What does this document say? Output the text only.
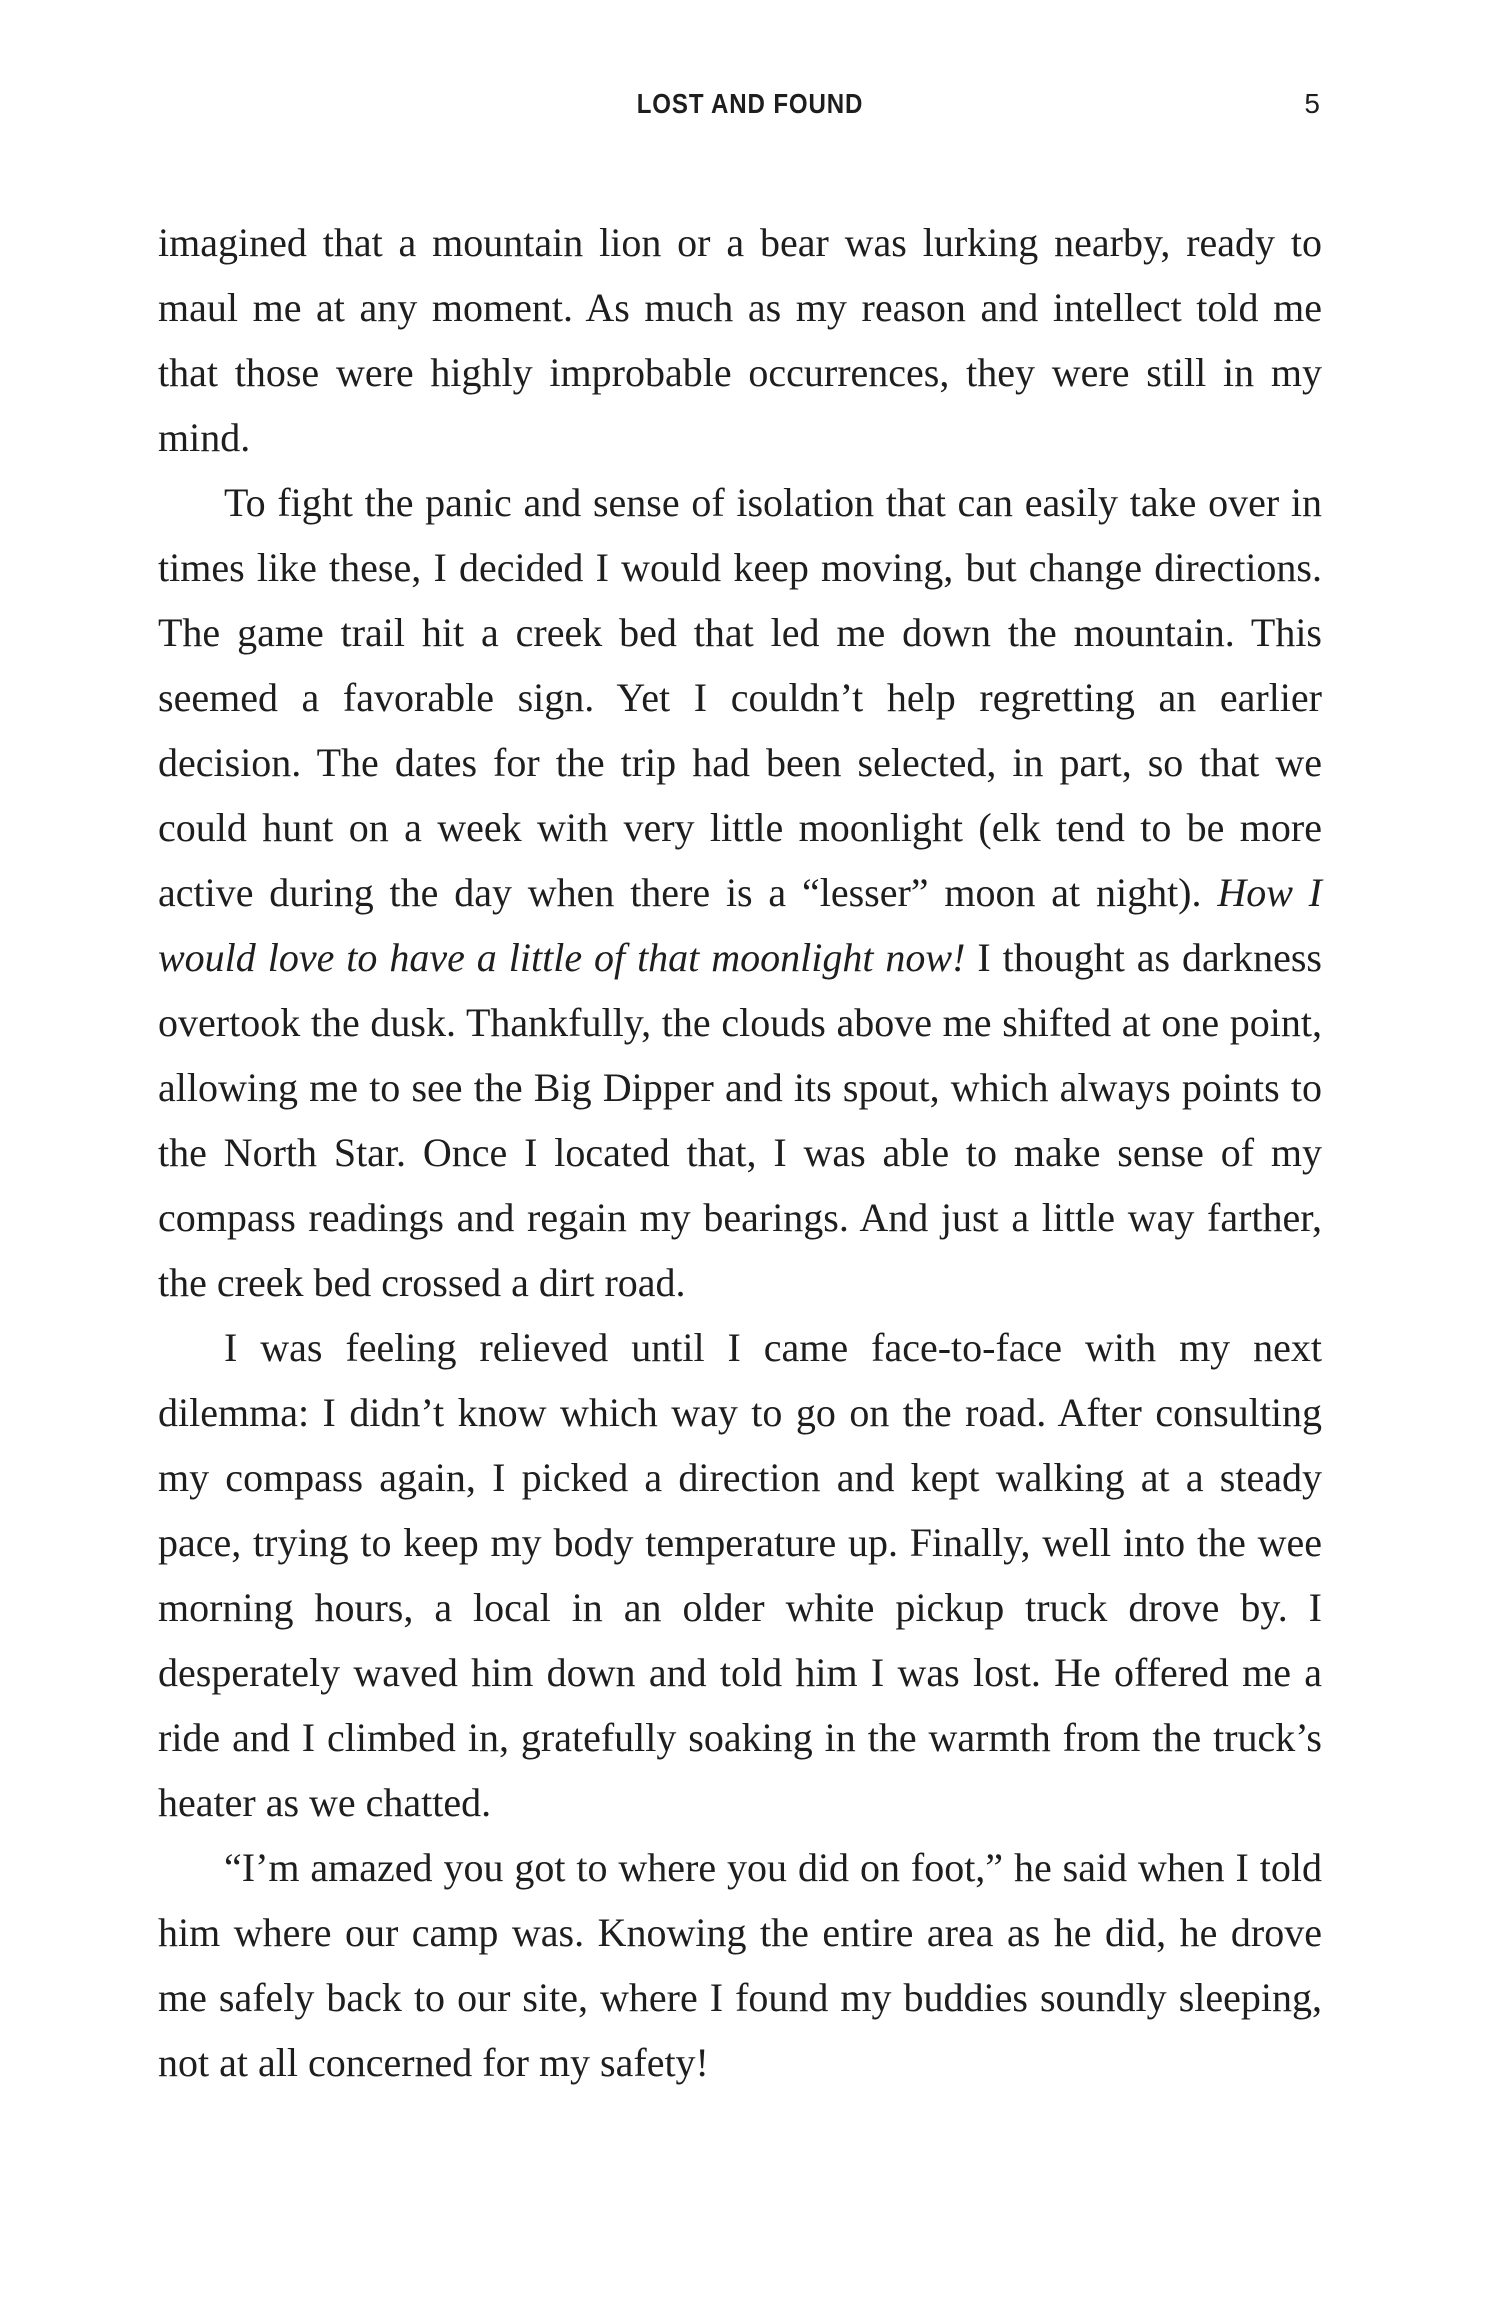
LOST AND FOUND	5

imagined that a mountain lion or a bear was lurking nearby, ready to maul me at any moment. As much as my reason and intellect told me that those were highly improbable occurrences, they were still in my mind.

To fight the panic and sense of isolation that can easily take over in times like these, I decided I would keep moving, but change directions. The game trail hit a creek bed that led me down the mountain. This seemed a favorable sign. Yet I couldn’t help regretting an earlier decision. The dates for the trip had been selected, in part, so that we could hunt on a week with very little moonlight (elk tend to be more active during the day when there is a “lesser” moon at night). How I would love to have a little of that moonlight now! I thought as darkness overtook the dusk. Thankfully, the clouds above me shifted at one point, allowing me to see the Big Dipper and its spout, which always points to the North Star. Once I located that, I was able to make sense of my compass readings and regain my bearings. And just a little way farther, the creek bed crossed a dirt road.

I was feeling relieved until I came face-to-face with my next dilemma: I didn’t know which way to go on the road. After consulting my compass again, I picked a direction and kept walking at a steady pace, trying to keep my body temperature up. Finally, well into the wee morning hours, a local in an older white pickup truck drove by. I desperately waved him down and told him I was lost. He offered me a ride and I climbed in, gratefully soaking in the warmth from the truck’s heater as we chatted.

“I’m amazed you got to where you did on foot,” he said when I told him where our camp was. Knowing the entire area as he did, he drove me safely back to our site, where I found my buddies soundly sleeping, not at all concerned for my safety!
